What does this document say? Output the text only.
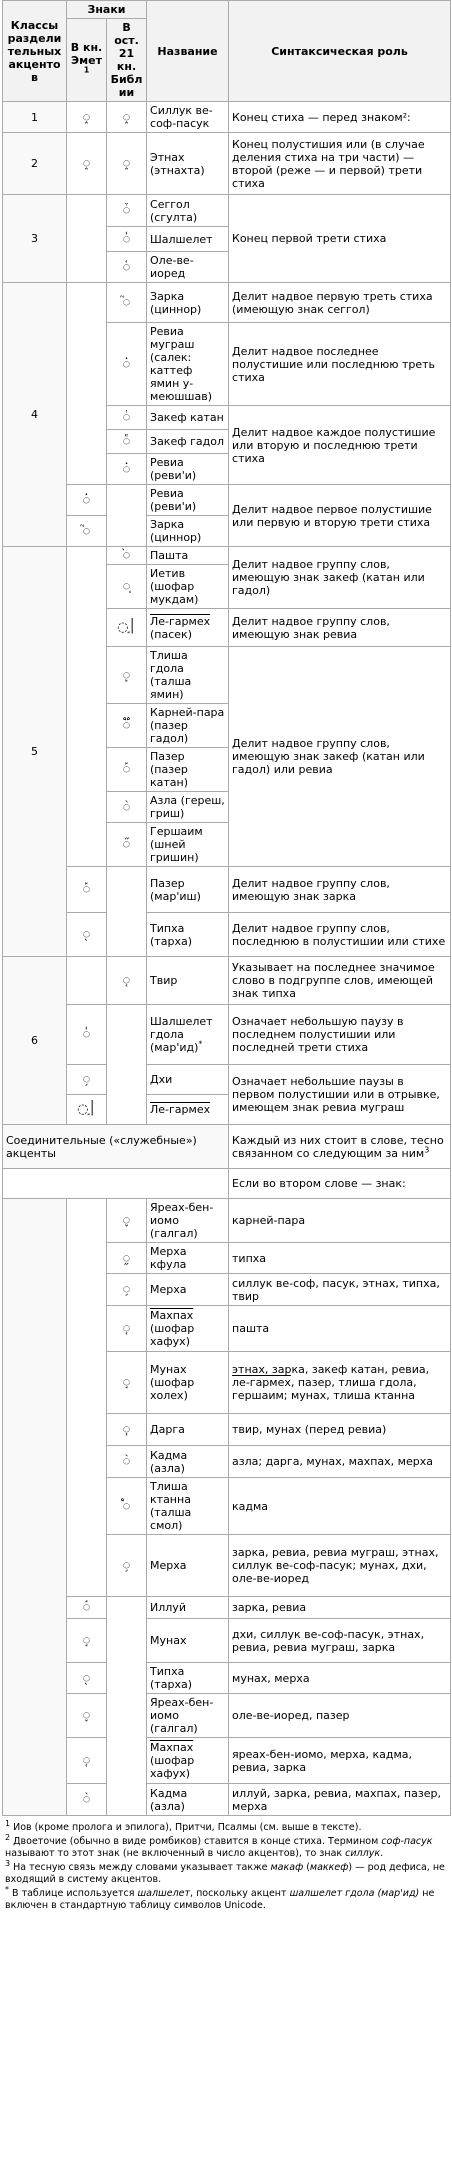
Классы разделительных акцентов	Знаки		Название	Синтаксическая роль
	В кн. Эмет$^1$	В ост. 21 кн. Библии		
1	◌֑	◌֑	Силлук ве-соф-пасук	Конец стиха — перед знаком²:
2	◌֑	◌֑	Этнах (этнахта)	Конец полустишия или (в случае деления стиха на три части) — второй (реже — и первой) трети стиха
3		◌֒	Сеггол (сгулта)	Конец первой трети стиха
		◌֓	Шалшелет	
		◌֫	Оле-ве-иоред	
4		◌֮	Зарка (циннор)	Делит надвое первую треть стиха (имеющую знак сеггол)
		◌֗	Ревиа муграш (салек: каттеф ямин у-меюшшав)	Делит надвое последнее полустишие или последнюю треть стиха
		◌֔	Закеф катан	Делит надвое каждое полустишие или вторую и последнюю трети стиха
		◌֕	Закеф гадол	
		◌֗	Ревиа (реви'и)	
	◌֗		Ревиа (реви'и)	Делит надвое первое полустишие или первую и вторую трети стиха
	◌֮		Зарка (циннор)	
5		◌֙	Пашта	Делит надвое группу слов, имеющую знак закеф (катан или гадол)
		◌֚	Иетив (шофар мукдам)	
		◌׀֣	Ле-гармех (пасек)	Делит надвое группу слов, имеющую знак ревиа
		◌֛	Тлиша гдола (талша ямин)	Делит надвое группу слов, имеющую знак закеф (катан или гадол) или ревиа
		◌֟	Карней-пара (пазер гадол)	
		◌֡	Пазер (пазер катан)	
		◌֨	Азла (гереш, гриш)	
		◌֞	Гершаим (шней гришин)	
	◌֡		Пазер (мар'иш)	Делит надвое группу слов, имеющую знак зарка
	◌֖		Типха (тарха)	Делит надвое группу слов, последнюю в полустишии или стихе
6		◌֤	Твир	Указывает на последнее значимое слово в подгруппе слов, имеющей знак типха
	◌֓		Шалшелет гдола (мар'ид)*	Означает небольшую паузу в последнем полустишии или последней трети стиха
	◌֥		Дхи	Означает небольшие паузы в первом полустишии или в отрывке, имеющем знак ревиа муграш
	◌׀֣		Ле-гармех	
Соединительные («служебные») акценты				Каждый из них стоит в слове, тесно связанном со следующим за ним$^3$
				Если во втором слове — знак:
		◌֪	Яреах-бен-иомо (галгал)	карней-пара
		◌֦	Мерха кфула	типха
		◌֥	Мерха	силлук ве-соф, пасук, этнах, типха, твир
		◌֤	Махпах (шофар хафух)	пашта
		◌֣	Мунах (шофар холех)	этнах, зарка, закеф катан, ревиа, ле-гармех, пазер, тлиша гдола, гершаим; мунах, тлиша ктанна
		◌֧	Дарга	твир, мунах (перед ревиа)
		◌֨	Кадма (азла)	азла; дарга, мунах, махпах, мерха
		◌֩	Тлиша ктанна (талша смол)	кадма
		◌֥	Мерха	зарка, ревиа, ревиа муграш, этнах, силлук ве-соф-пасук; мунах, дхи, оле-ве-иоред
	◌֬		Иллуй	зарка, ревиа
	◌֣		Мунах	дхи, силлук ве-соф-пасук, этнах, ревиа, ревиа муграш, зарка
	◌֖		Типха (тарха)	мунах, мерха
	◌֪		Яреах-бен-иомо (галгал)	оле-ве-иоред, пазер
	◌֤		Махпах (шофар хафух)	яреах-бен-иомо, мерха, кадма, ревиа, зарка
	◌֨		Кадма (азла)	иллуй, зарка, ревиа, махпах, пазер, мерха

$^1$ Иов (кроме пролога и эпилога), Притчи, Псалмы (см. выше в тексте).

$^2$ Двоеточие (обычно в виде ромбиков) ставится в конце стиха. Термином соф-пасук называют то этот знак (не включенный в число акцентов), то знак силлук.

$^3$ На тесную связь между словами указывает также макаф (маккеф) — род дефиса, не входящий в систему акцентов.

* В таблице используется шалшелет, поскольку акцент шалшелет гдола (мар'ид) не включен в стандартную таблицу символов Unicode.
